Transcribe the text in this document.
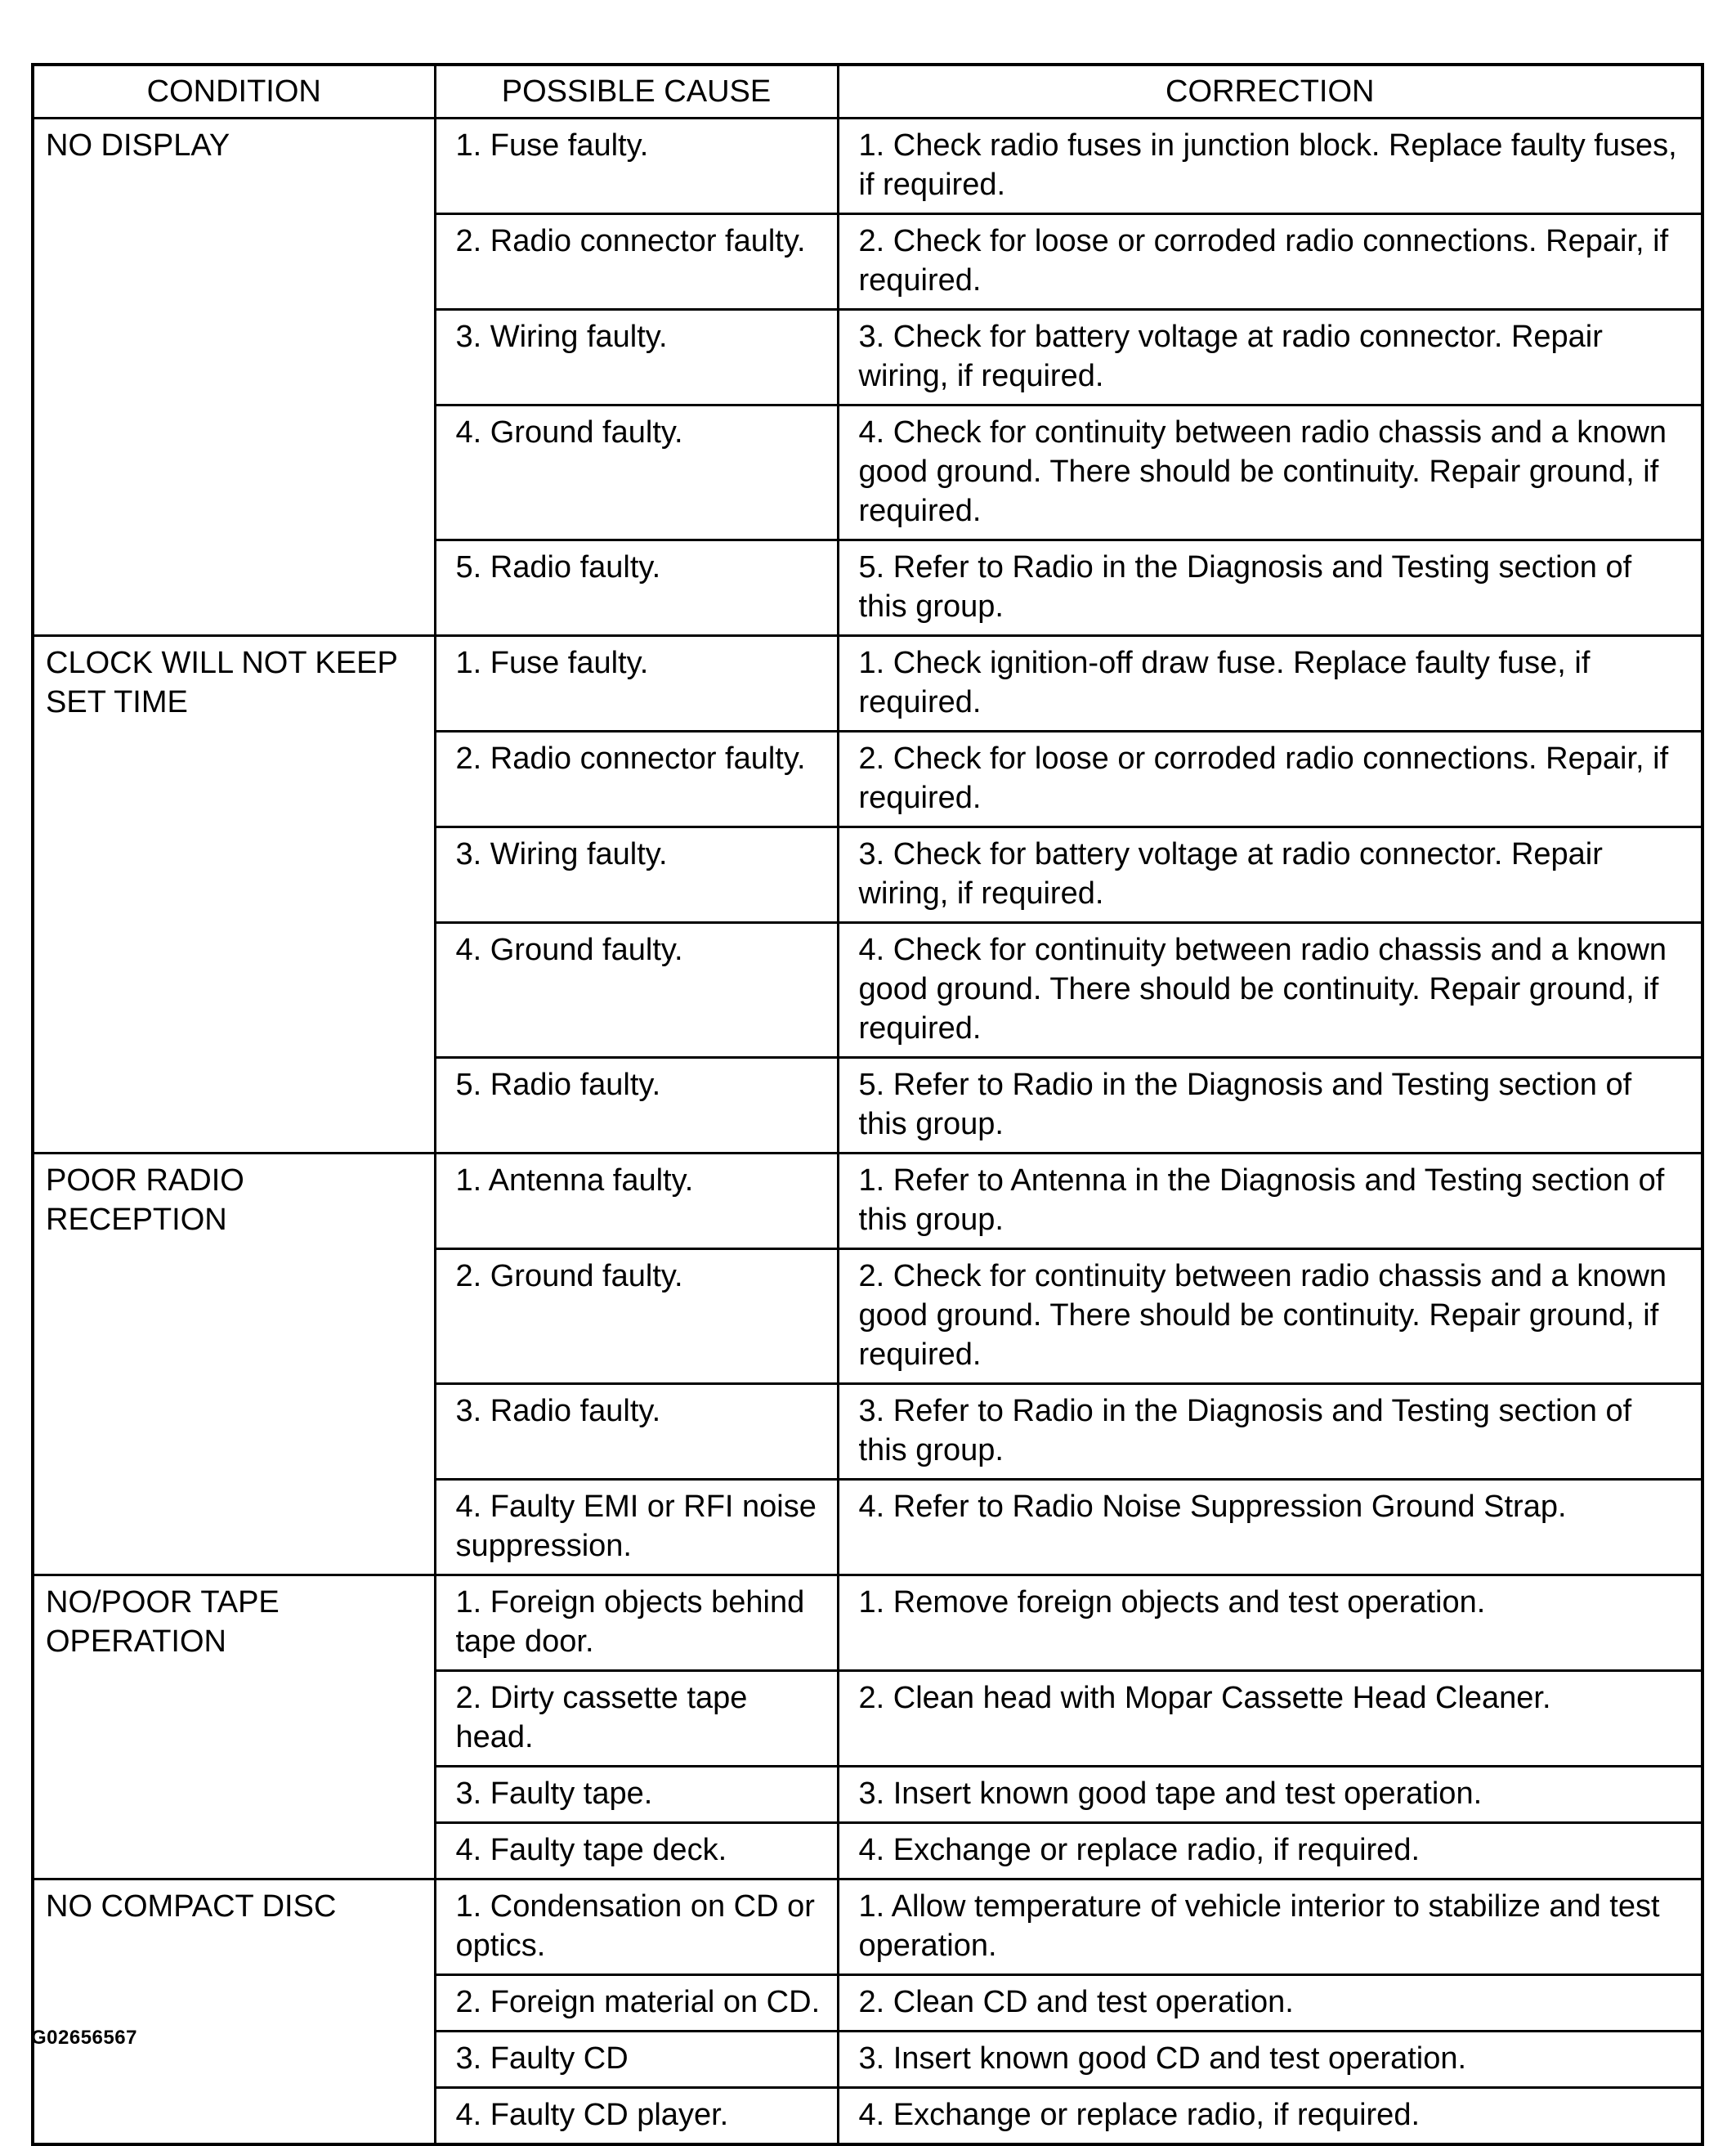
CONDITION	POSSIBLE CAUSE	CORRECTION
NO DISPLAY	1. Fuse faulty.	1. Check radio fuses in junction block. Replace faulty fuses, if required.
	2. Radio connector faulty.	2. Check for loose or corroded radio connections. Repair, if required.
	3. Wiring faulty.	3. Check for battery voltage at radio connector. Repair wiring, if required.
	4. Ground faulty.	4. Check for continuity between radio chassis and a known good ground. There should be continuity. Repair ground, if required.
	5. Radio faulty.	5. Refer to Radio in the Diagnosis and Testing section of this group.
CLOCK WILL NOT KEEP SET TIME	1. Fuse faulty.	1. Check ignition-off draw fuse. Replace faulty fuse, if required.
	2. Radio connector faulty.	2. Check for loose or corroded radio connections. Repair, if required.
	3. Wiring faulty.	3. Check for battery voltage at radio connector. Repair wiring, if required.
	4. Ground faulty.	4. Check for continuity between radio chassis and a known good ground. There should be continuity. Repair ground, if required.
	5. Radio faulty.	5. Refer to Radio in the Diagnosis and Testing section of this group.
POOR RADIO RECEPTION	1. Antenna faulty.	1. Refer to Antenna in the Diagnosis and Testing section of this group.
	2. Ground faulty.	2. Check for continuity between radio chassis and a known good ground. There should be continuity. Repair ground, if required.
	3. Radio faulty.	3. Refer to Radio in the Diagnosis and Testing section of this group.
	4. Faulty EMI or RFI noise suppression.	4. Refer to Radio Noise Suppression Ground Strap.
NO/POOR TAPE OPERATION	1. Foreign objects behind tape door.	1. Remove foreign objects and test operation.
	2. Dirty cassette tape head.	2. Clean head with Mopar Cassette Head Cleaner.
	3. Faulty tape.	3. Insert known good tape and test operation.
	4. Faulty tape deck.	4. Exchange or replace radio, if required.
NO COMPACT DISC	1. Condensation on CD or optics.	1. Allow temperature of vehicle interior to stabilize and test operation.
	2. Foreign material on CD.	2. Clean CD and test operation.
	3. Faulty CD	3. Insert known good CD and test operation.
	4. Faulty CD player.	4. Exchange or replace radio, if required.
G02656567
